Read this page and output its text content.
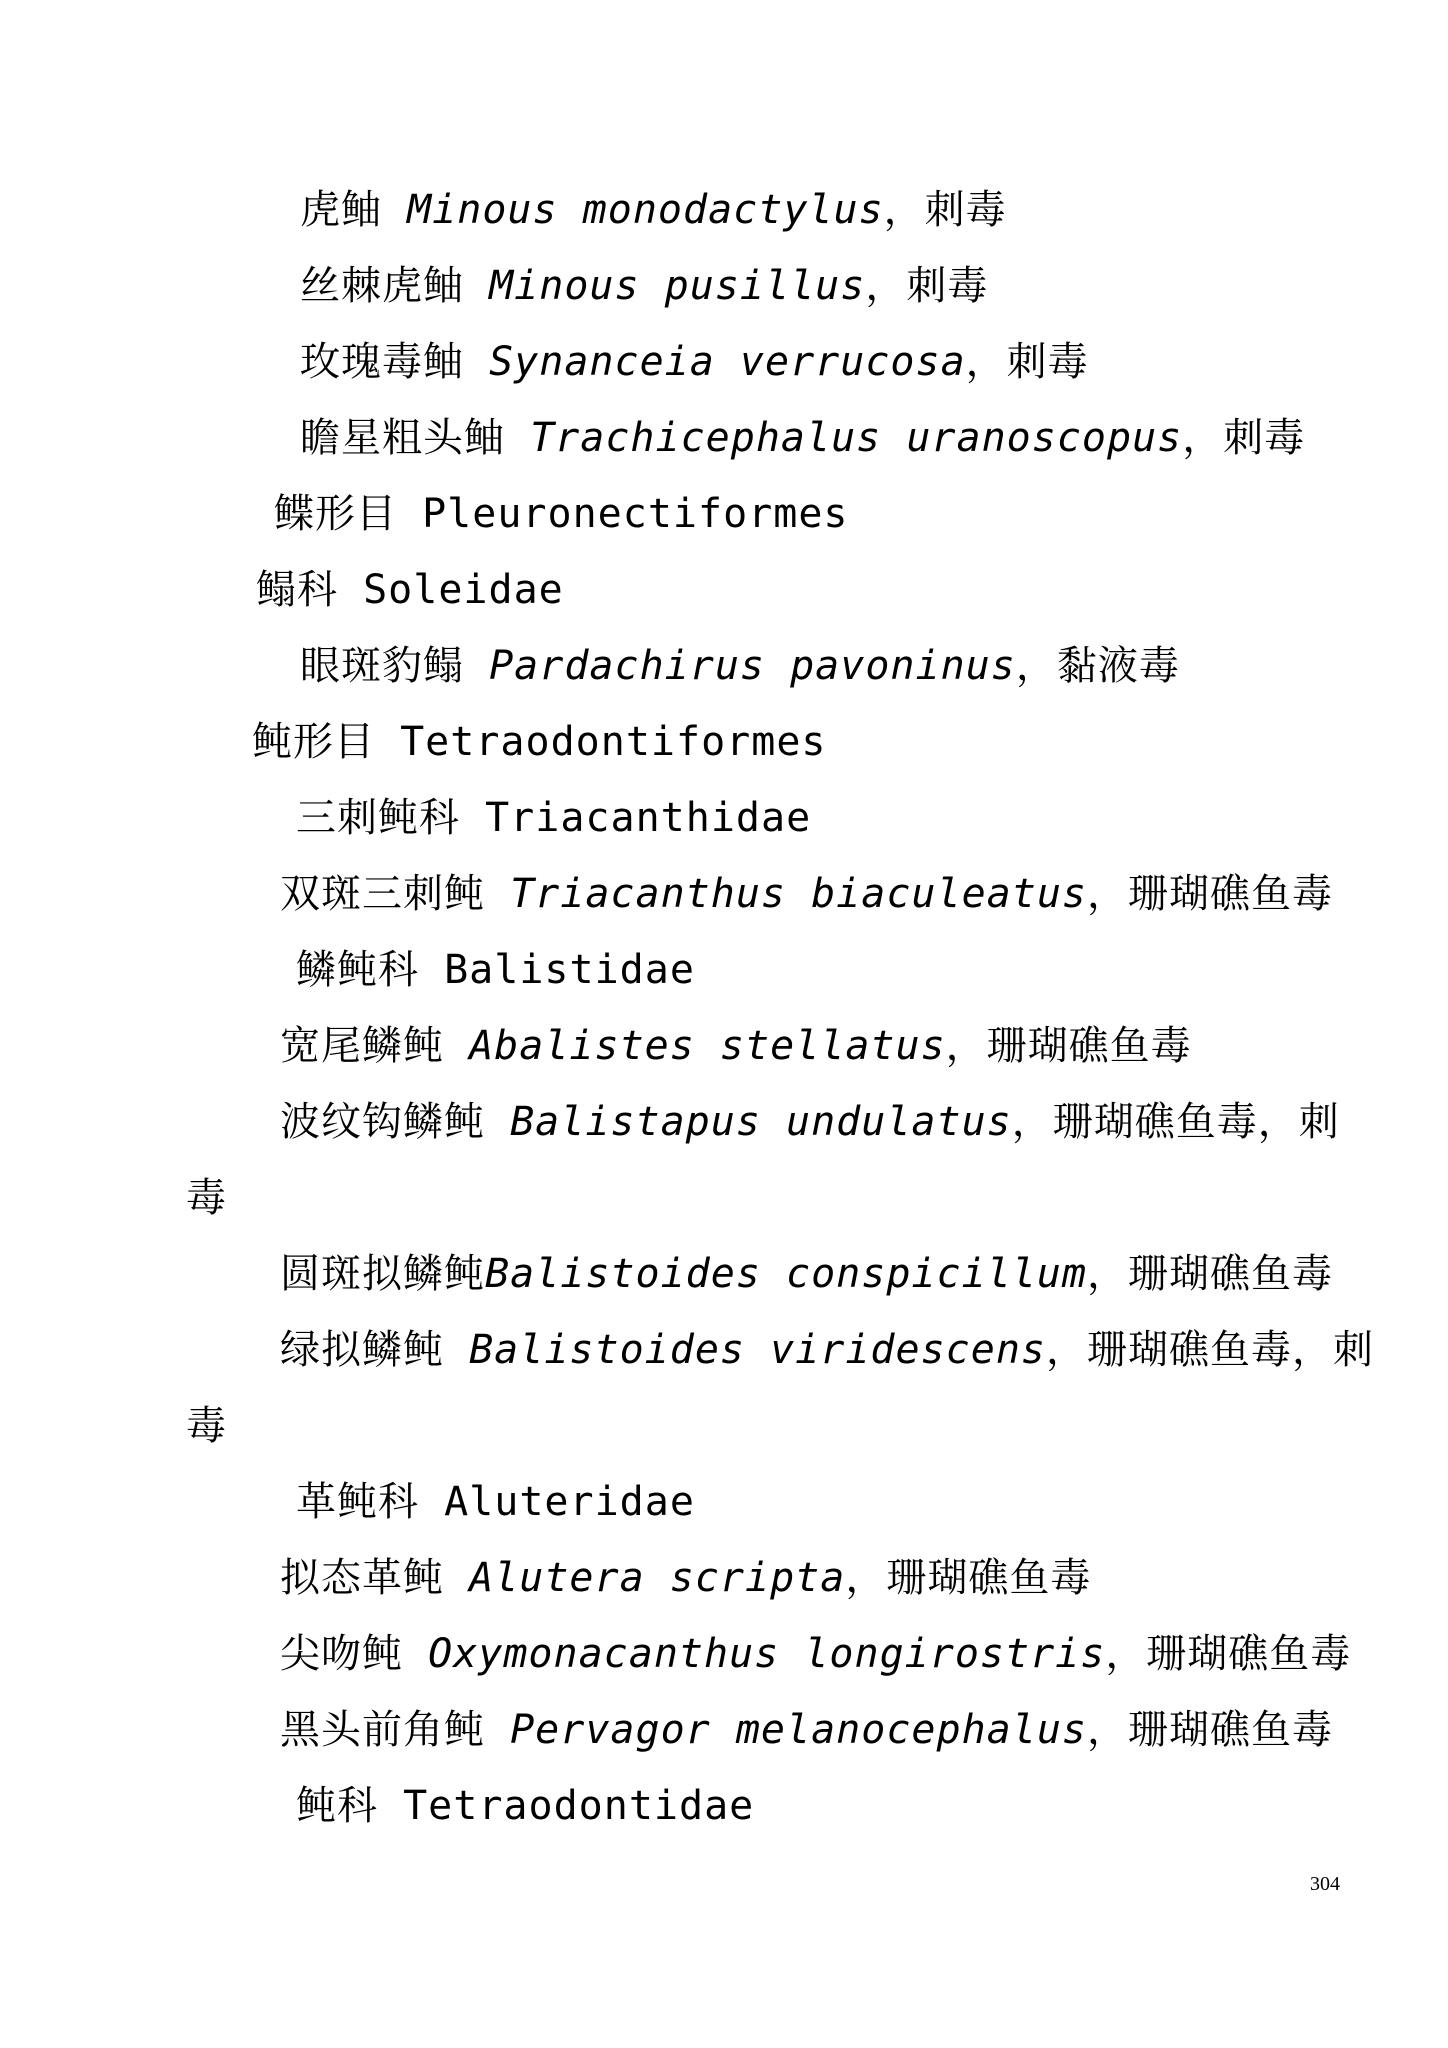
虎鲉 Minous monodactylus，刺毒
丝棘虎鲉 Minous pusillus，刺毒
玫瑰毒鲉 Synanceia verrucosa，刺毒
瞻星粗头鲉 Trachicephalus uranoscopus，刺毒
鲽形目 Pleuronectiformes
鳎科 Soleidae
眼斑豹鳎 Pardachirus pavoninus，黏液毒
鲀形目 Tetraodontiformes
三刺鲀科 Triacanthidae
双斑三刺鲀 Triacanthus biaculeatus，珊瑚礁鱼毒
鳞鲀科 Balistidae
宽尾鳞鲀 Abalistes stellatus，珊瑚礁鱼毒
波纹钩鳞鲀 Balistapus undulatus，珊瑚礁鱼毒，刺
毒
圆斑拟鳞鲀Balistoides conspicillum，珊瑚礁鱼毒
绿拟鳞鲀 Balistoides viridescens，珊瑚礁鱼毒，刺
毒
革鲀科 Aluteridae
拟态革鲀 Alutera scripta，珊瑚礁鱼毒
尖吻鲀 Oxymonacanthus longirostris，珊瑚礁鱼毒
黑头前角鲀 Pervagor melanocephalus，珊瑚礁鱼毒
鲀科 Tetraodontidae
304
